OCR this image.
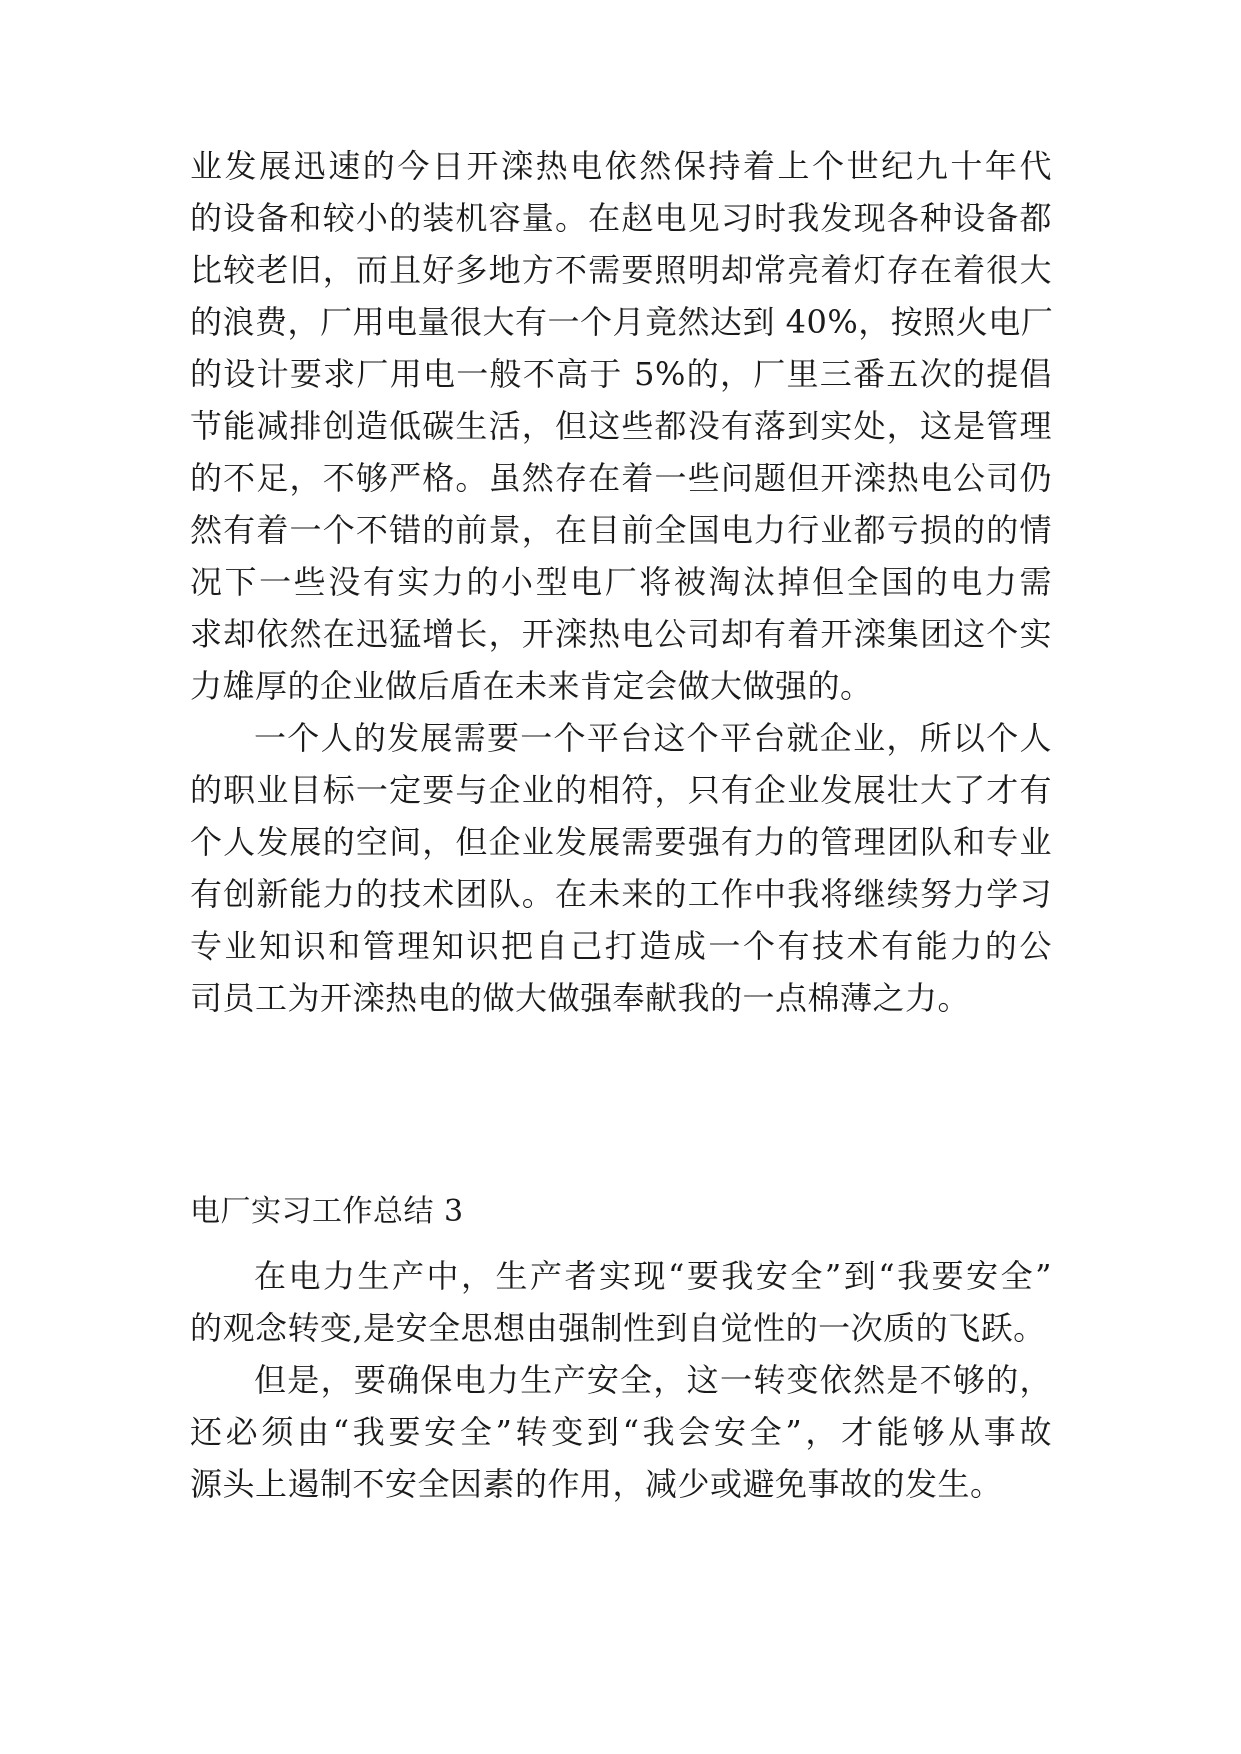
业发展迅速的今日开滦热电依然保持着上个世纪九十年代
的设备和较小的装机容量。在赵电见习时我发现各种设备都
比较老旧，而且好多地方不需要照明却常亮着灯存在着很大
的浪费，厂用电量很大有一个月竟然达到 40%，按照火电厂
的设计要求厂用电一般不高于 5%的，厂里三番五次的提倡
节能减排创造低碳生活，但这些都没有落到实处，这是管理
的不足，不够严格。虽然存在着一些问题但开滦热电公司仍
然有着一个不错的前景，在目前全国电力行业都亏损的的情
况下一些没有实力的小型电厂将被淘汰掉但全国的电力需
求却依然在迅猛增长，开滦热电公司却有着开滦集团这个实
力雄厚的企业做后盾在未来肯定会做大做强的。
一个人的发展需要一个平台这个平台就企业，所以个人
的职业目标一定要与企业的相符，只有企业发展壮大了才有
个人发展的空间，但企业发展需要强有力的管理团队和专业
有创新能力的技术团队。在未来的工作中我将继续努力学习
专业知识和管理知识把自己打造成一个有技术有能力的公
司员工为开滦热电的做大做强奉献我的一点棉薄之力。
电厂实习工作总结 3
在电力生产中，生产者实现“要我安全”到“我要安全”
的观念转变,是安全思想由强制性到自觉性的一次质的飞跃。
但是，要确保电力生产安全，这一转变依然是不够的，
还必须由“我要安全”转变到“我会安全”，才能够从事故
源头上遏制不安全因素的作用，减少或避免事故的发生。
